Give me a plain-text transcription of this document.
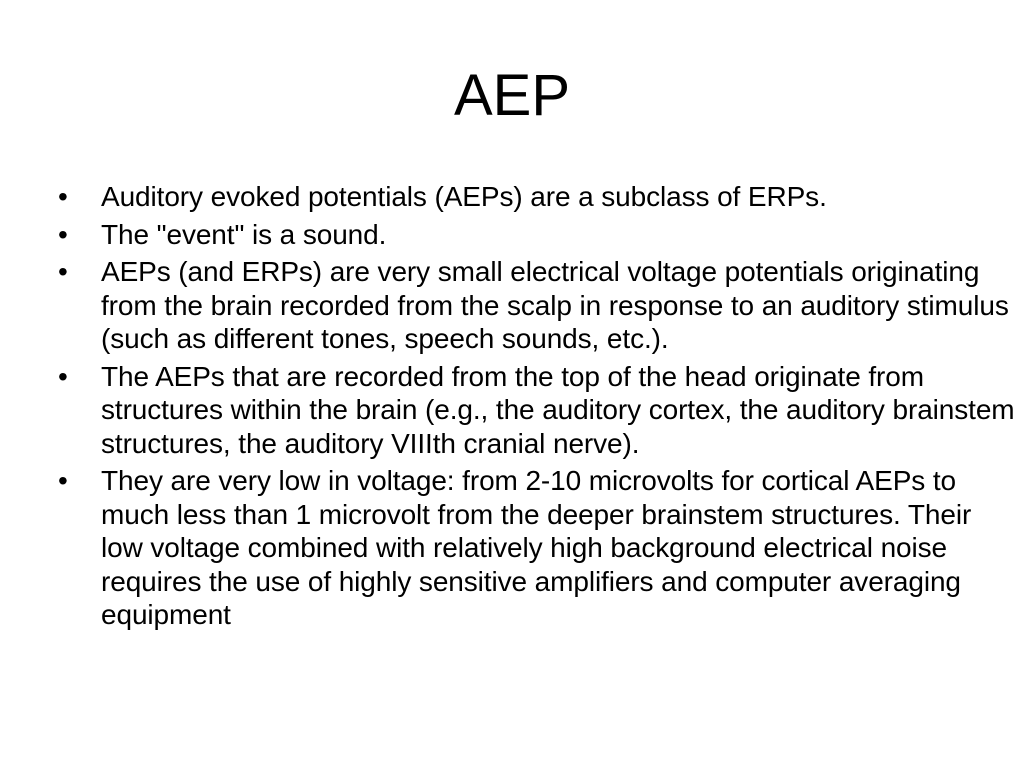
AEP
•	Auditory evoked potentials (AEPs) are a subclass of ERPs.
•	The "event" is a sound.
•	AEPs (and ERPs) are very small electrical voltage potentials originating from the brain recorded from the scalp in response to an auditory stimulus (such as different tones, speech sounds, etc.).
•	The AEPs that are recorded from the top of the head originate from structures within the brain (e.g., the auditory cortex, the auditory brainstem structures, the auditory VIIIth cranial nerve).
•	They are very low in voltage: from 2-10 microvolts for cortical AEPs to much less than 1 microvolt from the deeper brainstem structures. Their low voltage combined with relatively high background electrical noise requires the use of highly sensitive amplifiers and computer averaging equipment
